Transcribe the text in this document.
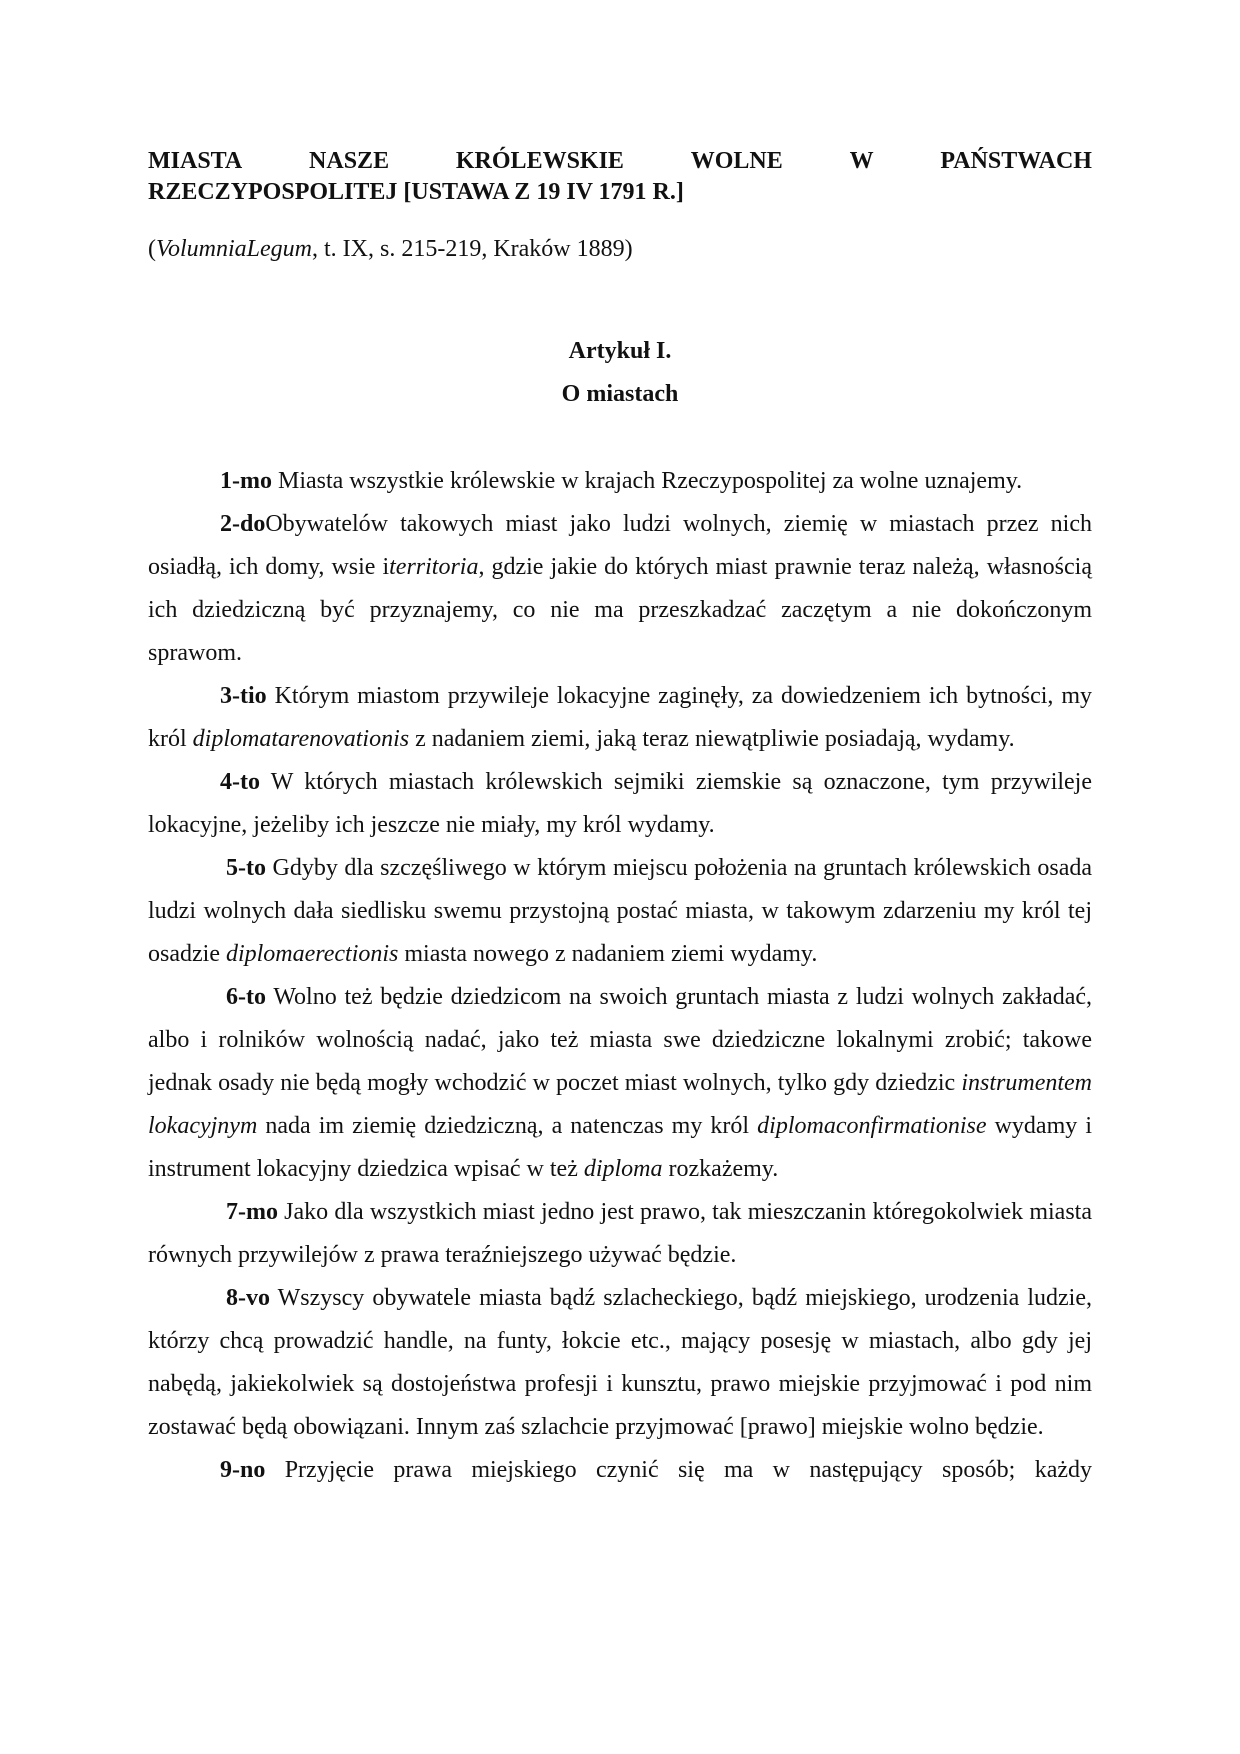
MIASTA	NASZE	KRÓLEWSKIE	WOLNE	W	PAŃSTWACH
RZECZYPOSPOLITEJ [USTAWA Z 19 IV 1791 R.]

(VolumniaLegum, t. IX, s. 215-219, Kraków 1889)

Artykuł I.

O miastach

1-mo Miasta wszystkie królewskie w krajach Rzeczypospolitej za wolne uznajemy.

2-doObywatelów takowych miast jako ludzi wolnych, ziemię w miastach przez nich osiadłą, ich domy, wsie iterritoria, gdzie jakie do których miast prawnie teraz należą, własnością ich dziedziczną być przyznajemy, co nie ma przeszkadzać zaczętym a nie dokończonym sprawom.

3-tio Którym miastom przywileje lokacyjne zaginęły, za dowiedzeniem ich bytności, my król diplomatarenovationis z nadaniem ziemi, jaką teraz niewątpliwie posiadają, wydamy.

4-to W których miastach królewskich sejmiki ziemskie są oznaczone, tym przywileje lokacyjne, jeżeliby ich jeszcze nie miały, my król wydamy.

5-to Gdyby dla szczęśliwego w którym miejscu położenia na gruntach królewskich osada ludzi wolnych dała siedlisku swemu przystojną postać miasta, w takowym zdarzeniu my król tej osadzie diplomaerectionis miasta nowego z nadaniem ziemi wydamy.

6-to Wolno też będzie dziedzicom na swoich gruntach miasta z ludzi wolnych zakładać, albo i rolników wolnością nadać, jako też miasta swe dziedziczne lokalnymi zrobić; takowe jednak osady nie będą mogły wchodzić w poczet miast wolnych, tylko gdy dziedzic instrumentem lokacyjnym nada im ziemię dziedziczną, a natenczas my król diplomaconfirmationise wydamy i instrument lokacyjny dziedzica wpisać w też diploma rozkażemy.

7-mo Jako dla wszystkich miast jedno jest prawo, tak mieszczanin któregokolwiek miasta równych przywilejów z prawa teraźniejszego używać będzie.

8-vo Wszyscy obywatele miasta bądź szlacheckiego, bądź miejskiego, urodzenia ludzie, którzy chcą prowadzić handle, na funty, łokcie etc., mający posesję w miastach, albo gdy jej nabędą, jakiekolwiek są dostojeństwa profesji i kunsztu, prawo miejskie przyjmować i pod nim zostawać będą obowiązani. Innym zaś szlachcie przyjmować [prawo] miejskie wolno będzie.

9-no Przyjęcie prawa miejskiego czynić się ma w następujący sposób; każdy
